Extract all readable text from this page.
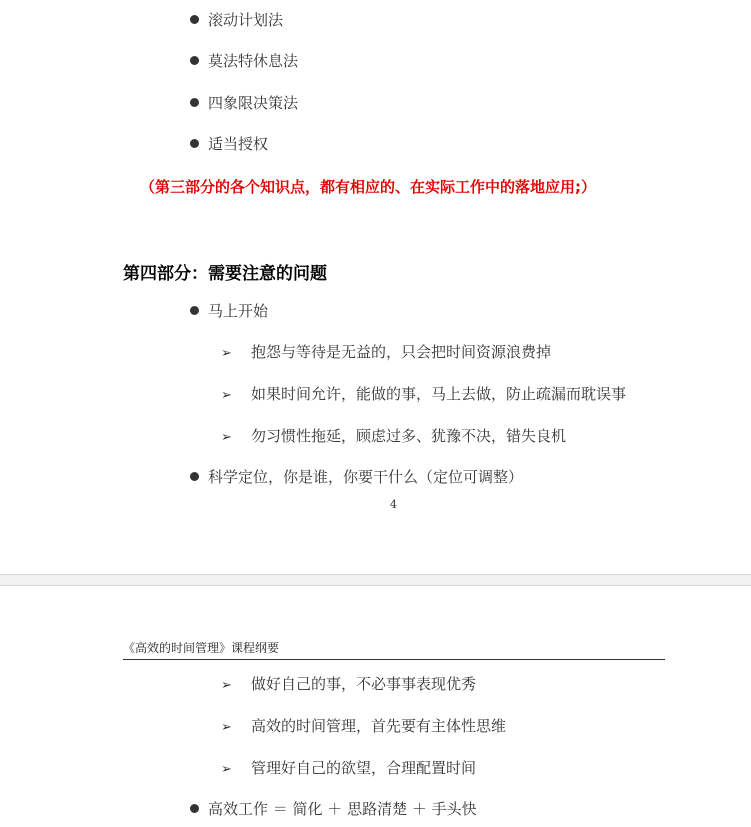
滚动计划法
莫法特休息法
四象限决策法
适当授权
（第三部分的各个知识点，都有相应的、在实际工作中的落地应用;）
第四部分：需要注意的问题
马上开始
➢ 抱怨与等待是无益的，只会把时间资源浪费掉
➢ 如果时间允许，能做的事，马上去做，防止疏漏而耽误事
➢ 勿习惯性拖延，顾虑过多、犹豫不决，错失良机
科学定位，你是谁，你要干什么（定位可调整）
4
《高效的时间管理》课程纲要
➢ 做好自己的事，不必事事表现优秀
➢ 高效的时间管理，首先要有主体性思维
➢ 管理好自己的欲望，合理配置时间
高效工作 ＝ 简化 ＋ 思路清楚 ＋ 手头快
